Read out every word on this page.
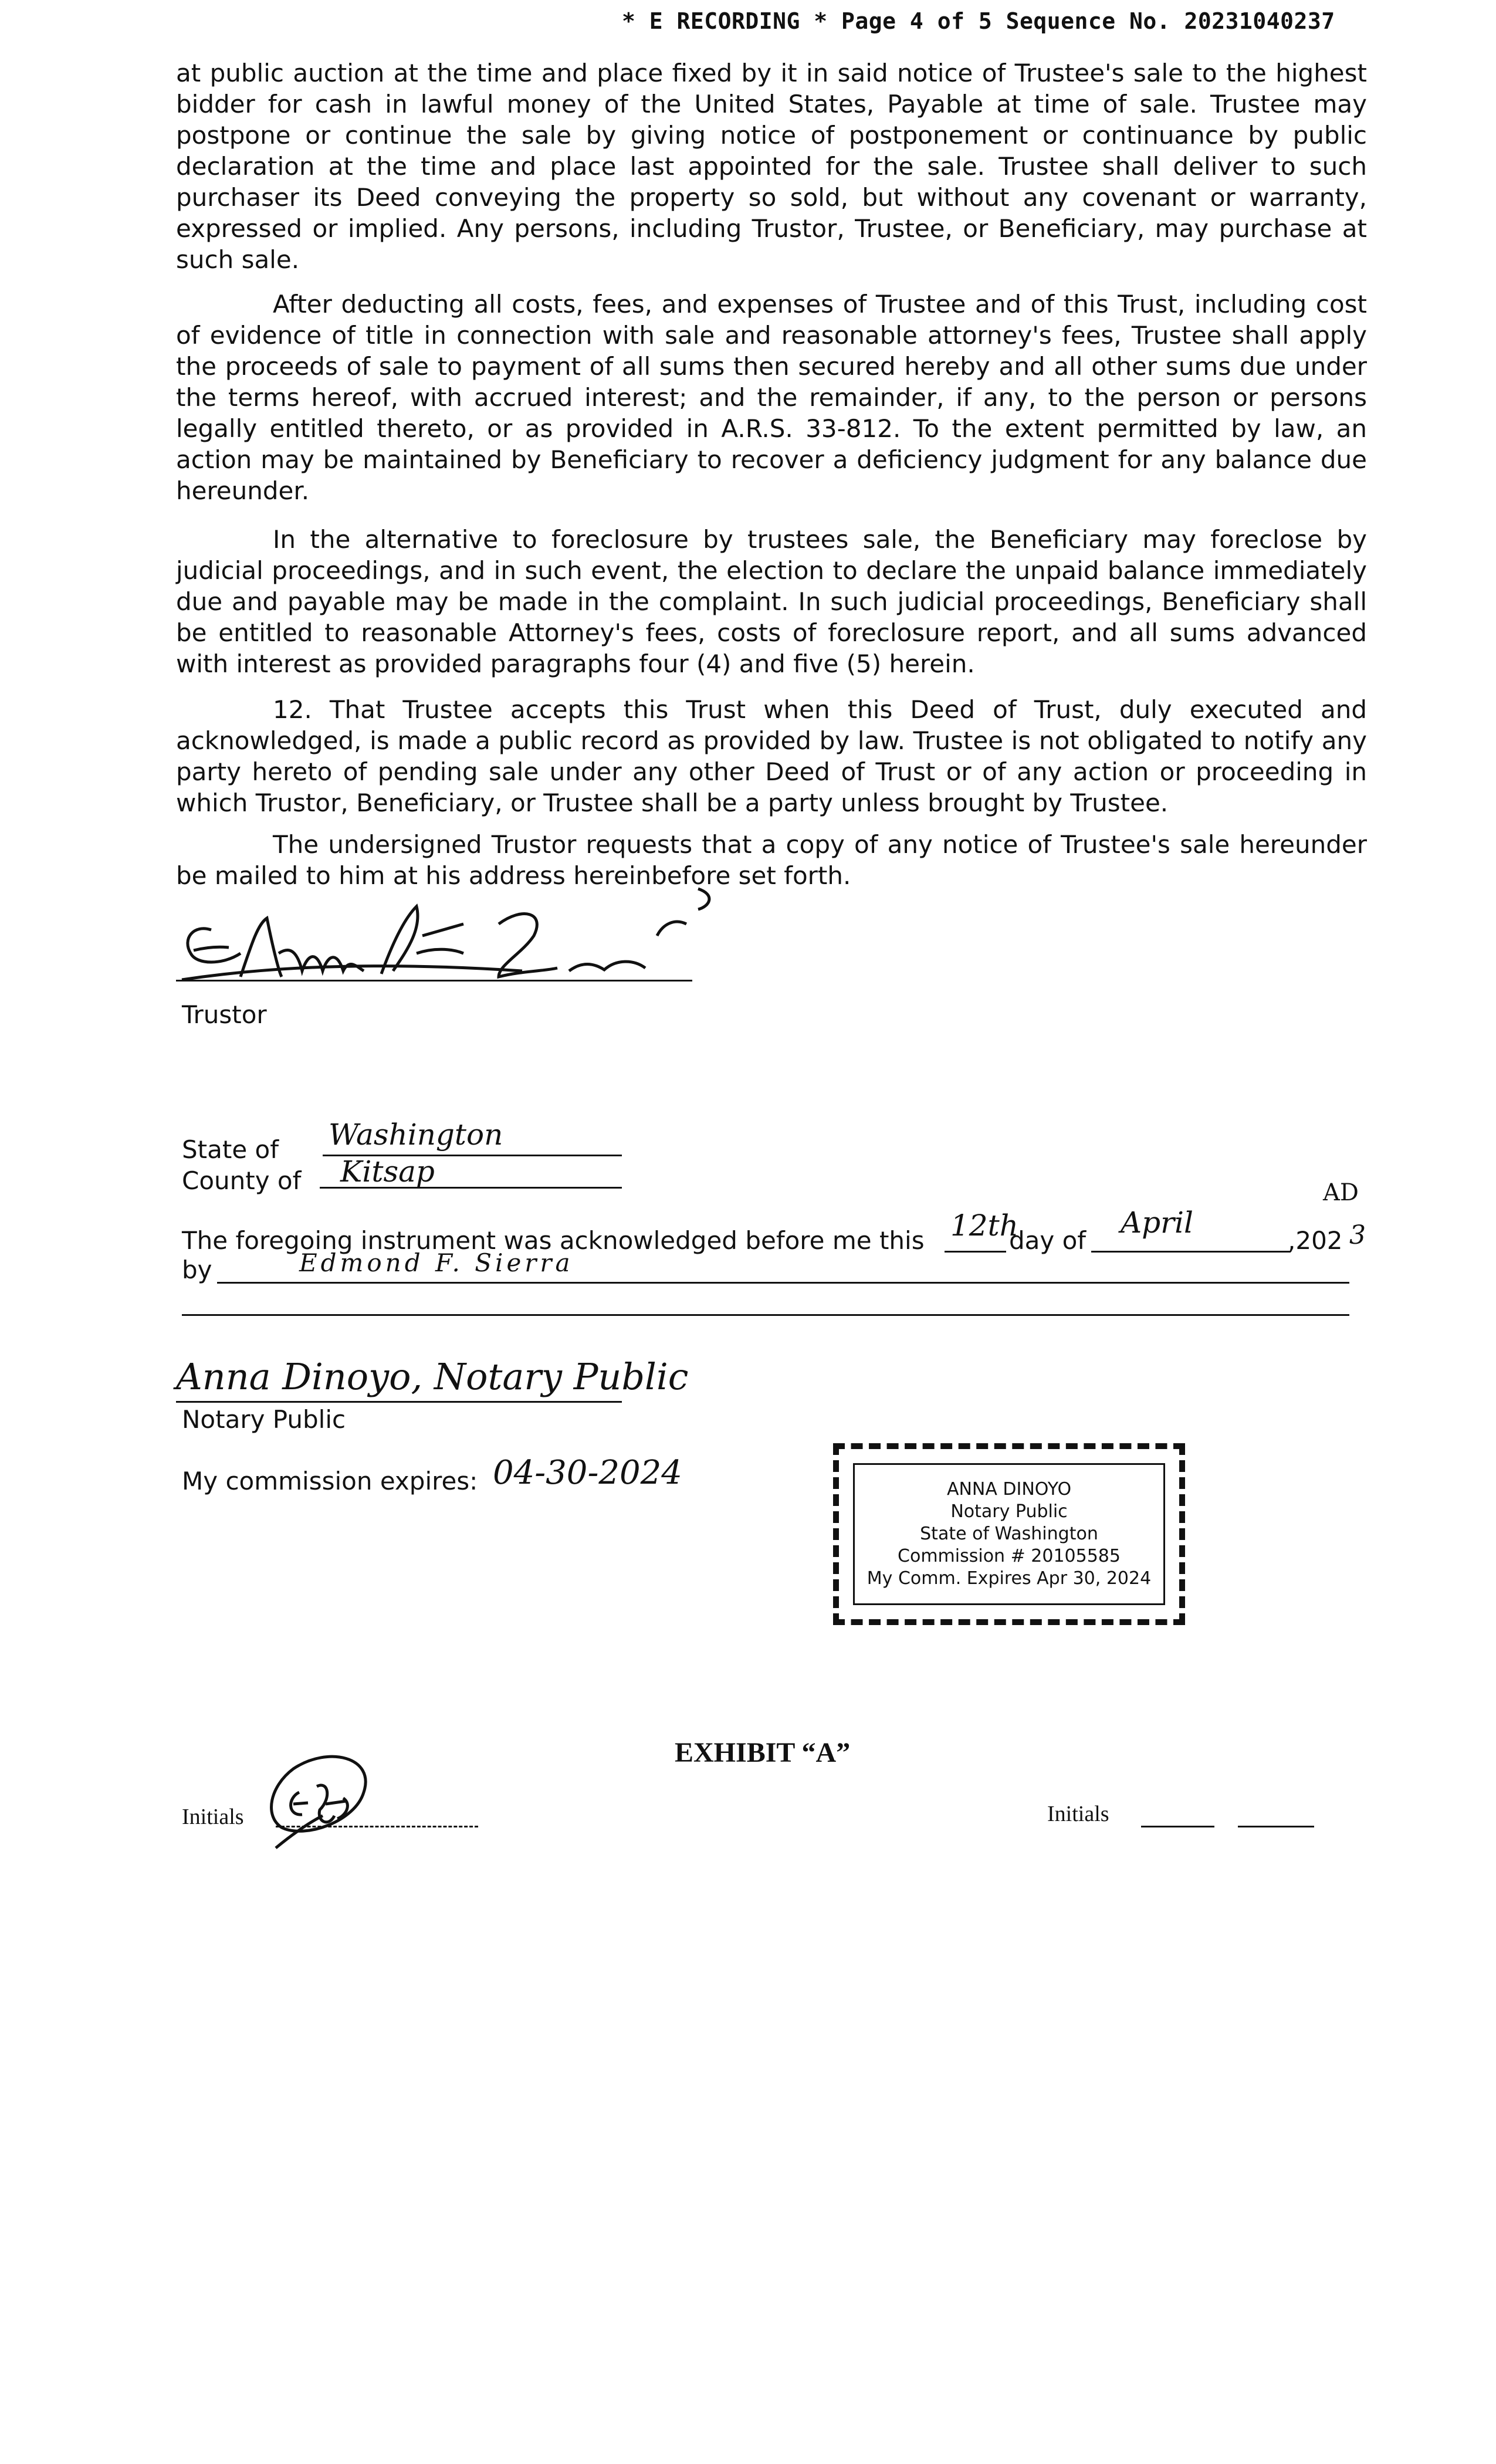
* E RECORDING * Page 4 of 5 Sequence No. 20231040237

at public auction at the time and place fixed by it in said notice of Trustee's sale to the highest bidder for cash in lawful money of the United States, Payable at time of sale. Trustee may postpone or continue the sale by giving notice of postponement or continuance by public declaration at the time and place last appointed for the sale. Trustee shall deliver to such purchaser its Deed conveying the property so sold, but without any covenant or warranty, expressed or implied. Any persons, including Trustor, Trustee, or Beneficiary, may purchase at such sale.

After deducting all costs, fees, and expenses of Trustee and of this Trust, including cost of evidence of title in connection with sale and reasonable attorney's fees, Trustee shall apply the proceeds of sale to payment of all sums then secured hereby and all other sums due under the terms hereof, with accrued interest; and the remainder, if any, to the person or persons legally entitled thereto, or as provided in A.R.S. 33-812. To the extent permitted by law, an action may be maintained by Beneficiary to recover a deficiency judgment for any balance due hereunder.

In the alternative to foreclosure by trustees sale, the Beneficiary may foreclose by judicial proceedings, and in such event, the election to declare the unpaid balance immediately due and payable may be made in the complaint. In such judicial proceedings, Beneficiary shall be entitled to reasonable Attorney's fees, costs of foreclosure report, and all sums advanced with interest as provided paragraphs four (4) and five (5) herein.

12. That Trustee accepts this Trust when this Deed of Trust, duly executed and acknowledged, is made a public record as provided by law. Trustee is not obligated to notify any party hereto of pending sale under any other Deed of Trust or of any action or proceeding in which Trustor, Beneficiary, or Trustee shall be a party unless brought by Trustee.

The undersigned Trustor requests that a copy of any notice of Trustee's sale hereunder be mailed to him at his address hereinbefore set forth.

Trustor
State of Washington
County of Kitsap
The foregoing instrument was acknowledged before me this 12th
day of
April
,202 3
AD
by	Edmond F. Sierra
Anna Dinoyo, Notary Public
Notary Public
My commission expires: 04-30-2024	ANNA DINOYO
Notary Public
State of Washington
Commission # 20105585
My Comm. Expires Apr 30, 2024
EXHIBIT “A”
Initials	Initials
